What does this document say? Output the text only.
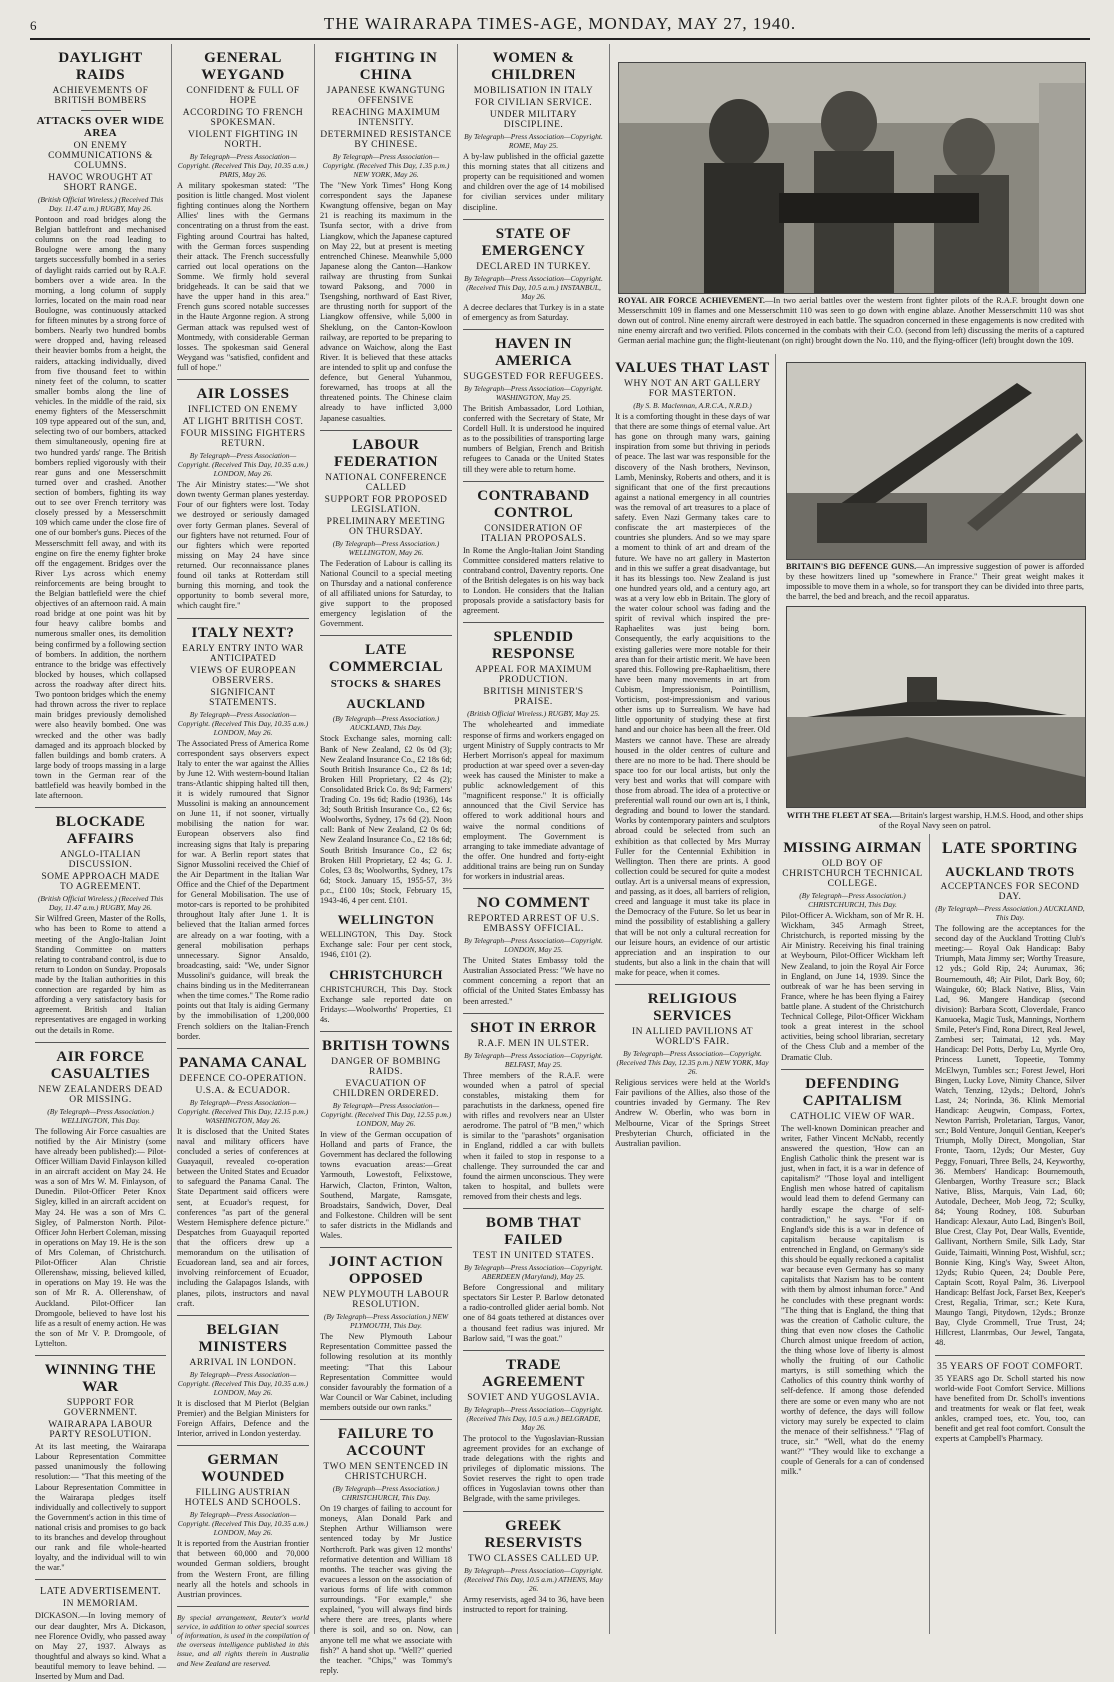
6	THE WAIRARAPA TIMES-AGE, MONDAY, MAY 27, 1940.
DAYLIGHT RAIDS
ACHIEVEMENTS OF BRITISH BOMBERS
ATTACKS OVER WIDE AREA
ON ENEMY COMMUNICATIONS & COLUMNS.
HAVOC WROUGHT AT SHORT RANGE.
(British Official Wireless.) (Received This Day. 11.47 a.m.) RUGBY, May 26.
Pontoon and road bridges along the Belgian battlefront and mechanised columns on the road leading to Boulogne were among the many targets successfully bombed in a series of daylight raids carried out by R.A.F. bombers over a wide area. In the morning, a long column of supply lorries, located on the main road near Boulogne, was continuously attacked for fifteen minutes by a strong force of bombers. Nearly two hundred bombs were dropped and, having released their heavier bombs from a height, the raiders, attacking individually, dived from five thousand feet to within ninety feet of the column, to scatter smaller bombs along the line of vehicles. In the middle of the raid, six enemy fighters of the Messerschmitt 109 type appeared out of the sun, and, selecting two of our bombers, attacked them simultaneously, opening fire at two hundred yards' range. The British bombers replied vigorously with their rear guns and one Messerschmitt turned over and crashed. Another section of bombers, fighting its way out to see over French territory was closely pressed by a Messerschmitt 109 which came under the close fire of one of our bomber's guns. Pieces of the Messerschmitt fell away, and with its engine on fire the enemy fighter broke off the engagement. Bridges over the River Lys across which enemy reinforcements are being brought to the Belgian battlefield were the chief objectives of an afternoon raid. A main road bridge at one point was hit by four heavy calibre bombs and numerous smaller ones, its demolition being confirmed by a following section of bombers. In addition, the northern entrance to the bridge was effectively blocked by houses, which collapsed across the roadway after direct hits. Two pontoon bridges which the enemy had thrown across the river to replace main bridges previously demolished were also heavily bombed. One was wrecked and the other was badly damaged and its approach blocked by fallen buildings and bomb craters. A large body of troops massing in a large town in the German rear of the battlefield was heavily bombed in the late afternoon.
BLOCKADE AFFAIRS
ANGLO-ITALIAN DISCUSSION.
SOME APPROACH MADE TO AGREEMENT.
(British Official Wireless.) (Received This Day, 11.47 a.m.) RUGBY, May 26.
Sir Wilfred Green, Master of the Rolls, who has been to Rome to attend a meeting of the Anglo-Italian Joint Standing Committee on matters relating to contraband control, is due to return to London on Sunday. Proposals made by the Italian authorities in this connection are regarded by him as affording a very satisfactory basis for agreement. British and Italian representatives are engaged in working out the details in Rome.
AIR FORCE CASUALTIES
NEW ZEALANDERS DEAD OR MISSING.
(By Telegraph—Press Association.) WELLINGTON, This Day.
The following Air Force casualties are notified by the Air Ministry (some have already been published):— Pilot-Officer William David Finlayson killed in an aircraft accident on May 24. He was a son of Mrs W. M. Finlayson, of Dunedin. Pilot-Officer Peter Knox Sigley, killed in an aircraft accident on May 24. He was a son of Mrs C. Sigley, of Palmerston North. Pilot-Officer John Herbert Coleman, missing in operations on May 19. He is the son of Mrs Coleman, of Christchurch. Pilot-Officer Alan Christie Ollerenshaw, missing, believed killed, in operations on May 19. He was the son of Mr R. A. Ollerenshaw, of Auckland. Pilot-Officer Ian Dromgoole, believed to have lost his life as a result of enemy action. He was the son of Mr V. P. Dromgoole, of Lyttelton.
WINNING THE WAR
SUPPORT FOR GOVERNMENT.
WAIRARAPA LABOUR PARTY RESOLUTION.
At its last meeting, the Wairarapa Labour Representation Committee passed unanimously the following resolution:— "That this meeting of the Labour Representation Committee in the Wairarapa pledges itself individually and collectively to support the Government's action in this time of national crisis and promises to go back to its branches and develop throughout our rank and file whole-hearted loyalty, and the individual will to win the war."
LATE ADVERTISEMENT.
IN MEMORIAM.
DICKASON.—In loving memory of our dear daughter, Mrs A. Dickason, nee Florence Ovidly, who passed away on May 27, 1937. Always as thoughtful and always so kind. What a beautiful memory to leave behind. —Inserted by Mum and Dad.
GENERAL WEYGAND
CONFIDENT & FULL OF HOPE
ACCORDING TO FRENCH SPOKESMAN.
VIOLENT FIGHTING IN NORTH.
By Telegraph—Press Association—Copyright. (Received This Day, 10.35 a.m.) PARIS, May 26.
A military spokesman stated: "The position is little changed. Most violent fighting continues along the Northern Allies' lines with the Germans concentrating on a thrust from the east. Fighting around Courtrai has halted, with the German forces suspending their attack. The French successfully carried out local operations on the Somme. We firmly hold several bridgeheads. It can be said that we have the upper hand in this area." French guns scored notable successes in the Haute Argonne region. A strong German attack was repulsed west of Montmedy, with considerable German losses. The spokesman said General Weygand was "satisfied, confident and full of hope."
AIR LOSSES
INFLICTED ON ENEMY
AT LIGHT BRITISH COST.
FOUR MISSING FIGHTERS RETURN.
By Telegraph—Press Association—Copyright. (Received This Day, 10.35 a.m.) LONDON, May 26.
The Air Ministry states:—"We shot down twenty German planes yesterday. Four of our fighters were lost. Today we destroyed or seriously damaged over forty German planes. Several of our fighters have not returned. Four of our fighters which were reported missing on May 24 have since returned. Our reconnaissance planes found oil tanks at Rotterdam still burning this morning, and took the opportunity to bomb several more, which caught fire."
ITALY NEXT?
EARLY ENTRY INTO WAR ANTICIPATED
VIEWS OF EUROPEAN OBSERVERS.
SIGNIFICANT STATEMENTS.
By Telegraph—Press Association—Copyright. (Received This Day, 10.35 a.m.) LONDON, May 26.
The Associated Press of America Rome correspondent says observers expect Italy to enter the war against the Allies by June 12. With western-bound Italian trans-Atlantic shipping halted till then, it is widely rumoured that Signor Mussolini is making an announcement on June 11, if not sooner, virtually mobilising the nation for war. European observers also find increasing signs that Italy is preparing for war. A Berlin report states that Signor Mussolini received the Chief of the Air Department in the Italian War Office and the Chief of the Department for General Mobilisation. The use of motor-cars is reported to be prohibited throughout Italy after June 1. It is believed that the Italian armed forces are already on a war footing, with a general mobilisation perhaps unnecessary. Signor Ansaldo, broadcasting, said: "We, under Signor Mussolini's guidance, will break the chains binding us in the Mediterranean when the time comes." The Rome radio points out that Italy is aiding Germany by the immobilisation of 1,200,000 French soldiers on the Italian-French border.
PANAMA CANAL
DEFENCE CO-OPERATION.
U.S.A. & ECUADOR.
By Telegraph—Press Association—Copyright. (Received This Day, 12.15 p.m.) WASHINGTON, May 26.
It is disclosed that the United States naval and military officers have concluded a series of conferences at Guayaquil, revealed co-operation between the United States and Ecuador to safeguard the Panama Canal. The State Department said officers were sent, at Ecuador's request, for conferences "as part of the general Western Hemisphere defence picture." Despatches from Guayaquil reported that the officers drew up a memorandum on the utilisation of Ecuadorean land, sea and air forces, involving reinforcement of Ecuador, including the Galapagos Islands, with planes, pilots, instructors and naval craft.
BELGIAN MINISTERS
ARRIVAL IN LONDON.
By Telegraph—Press Association—Copyright. (Received This Day, 10.35 a.m.) LONDON, May 26.
It is disclosed that M Pierlot (Belgian Premier) and the Belgian Ministers for Foreign Affairs, Defence and the Interior, arrived in London yesterday.
GERMAN WOUNDED
FILLING AUSTRIAN HOTELS AND SCHOOLS.
By Telegraph—Press Association—Copyright. (Received This Day, 10.35 a.m.) LONDON, May 26.
It is reported from the Austrian frontier that between 60,000 and 70,000 wounded German soldiers, brought from the Western Front, are filling nearly all the hotels and schools in Austrian provinces.
By special arrangement, Reuter's world service, in addition to other special sources of information, is used in the compilation of the overseas intelligence published in this issue, and all rights therein in Australia and New Zealand are reserved.
FIGHTING IN CHINA
JAPANESE KWANGTUNG OFFENSIVE
REACHING MAXIMUM INTENSITY.
DETERMINED RESISTANCE BY CHINESE.
By Telegraph—Press Association—Copyright. (Received This Day, 1.35 p.m.) NEW YORK, May 26.
The "New York Times" Hong Kong correspondent says the Japanese Kwangtung offensive, began on May 21 is reaching its maximum in the Tsunfa sector, with a drive from Liangkow, which the Japanese captured on May 22, but at present is meeting entrenched Chinese. Meanwhile 5,000 Japanese along the Canton—Hankow railway are thrusting from Sunkai toward Paksong, and 7000 in Tsengshing, northward of East River, are thrusting north for support of the Liangkow offensive, while 5,000 in Sheklung, on the Canton-Kowloon railway, are reported to be preparing to advance on Waichow, along the East River. It is believed that these attacks are intended to split up and confuse the defence, but General Yuhanmou, forewarned, has troops at all the threatened points. The Chinese claim already to have inflicted 3,000 Japanese casualties.
LABOUR FEDERATION
NATIONAL CONFERENCE CALLED
SUPPORT FOR PROPOSED LEGISLATION.
PRELIMINARY MEETING ON THURSDAY.
(By Telegraph—Press Association.) WELLINGTON, May 26.
The Federation of Labour is calling its National Council to a special meeting on Thursday and a national conference of all affiliated unions for Saturday, to give support to the proposed emergency legislation of the Government.
LATE COMMERCIAL
STOCKS & SHARES
AUCKLAND
(By Telegraph—Press Association.) AUCKLAND, This Day.
Stock Exchange sales, morning call: Bank of New Zealand, £2 0s 0d (3); New Zealand Insurance Co., £2 18s 6d; South British Insurance Co., £2 8s 1d; Broken Hill Proprietary, £2 4s (2); Consolidated Brick Co. 8s 9d; Farmers' Trading Co. 19s 6d; Radio (1936), 14s 3d; South British Insurance Co., £2 6s; Woolworths, Sydney, 17s 6d (2). Noon call: Bank of New Zealand, £2 0s 6d; New Zealand Insurance Co., £2 18s 6d; South British Insurance Co., £2 6s; Broken Hill Proprietary, £2 4s; G. J. Coles, £3 8s; Woolworths, Sydney, 17s 6d; Stock. January 15, 1955-57, 3½ p.c., £100 10s; Stock, February 15, 1943-46, 4 per cent. £101.
WELLINGTON
WELLINGTON, This Day. Stock Exchange sale: Four per cent stock, 1946, £101 (2).
CHRISTCHURCH
CHRISTCHURCH, This Day. Stock Exchange sale reported date on Fridays:—Woolworths' Properties, £1 4s.
BRITISH TOWNS
DANGER OF BOMBING RAIDS.
EVACUATION OF CHILDREN ORDERED.
By Telegraph—Press Association—Copyright. (Received This Day, 12.55 p.m.) LONDON, May 26.
In view of the German occupation of Holland and parts of France, the Government has declared the following towns evacuation areas:—Great Yarmouth, Lowestoft, Felixstowe, Harwich, Clacton, Frinton, Walton, Southend, Margate, Ramsgate, Broadstairs, Sandwich, Dover, Deal and Folkestone. Children will be sent to safer districts in the Midlands and Wales.
JOINT ACTION OPPOSED
NEW PLYMOUTH LABOUR RESOLUTION.
(By Telegraph—Press Association.) NEW PLYMOUTH, This Day.
The New Plymouth Labour Representation Committee passed the following resolution at its monthly meeting: "That this Labour Representation Committee would consider favourably the formation of a War Council or War Cabinet, including members outside our own ranks."
FAILURE TO ACCOUNT
TWO MEN SENTENCED IN CHRISTCHURCH.
(By Telegraph—Press Association.) CHRISTCHURCH, This Day.
On 19 charges of failing to account for moneys, Alan Donald Park and Stephen Arthur Williamson were sentenced today by Mr Justice Northcroft. Park was given 12 months' reformative detention and William 18 months. The teacher was giving the evacuees a lesson on the association of various forms of life with common surroundings. "For example," she explained, "you will always find birds where there are trees, plants where there is soil, and so on. Now, can anyone tell me what we associate with fish?" A hand shot up. "Well?" queried the teacher. "Chips," was Tommy's reply.
WOMEN & CHILDREN
MOBILISATION IN ITALY
FOR CIVILIAN SERVICE.
UNDER MILITARY DISCIPLINE.
By Telegraph—Press Association—Copyright. ROME, May 25.
A by-law published in the official gazette this morning states that all citizens and property can be requisitioned and women and children over the age of 14 mobilised for civilian services under military discipline.
STATE OF EMERGENCY
DECLARED IN TURKEY.
By Telegraph—Press Association—Copyright. (Received This Day, 10.5 a.m.) INSTANBUL, May 26.
A decree declares that Turkey is in a state of emergency as from Saturday.
HAVEN IN AMERICA
SUGGESTED FOR REFUGEES.
By Telegraph—Press Association—Copyright. WASHINGTON, May 25.
The British Ambassador, Lord Lothian, conferred with the Secretary of State, Mr Cordell Hull. It is understood he inquired as to the possibilities of transporting large numbers of Belgian, French and British refugees to Canada or the United States till they were able to return home.
CONTRABAND CONTROL
CONSIDERATION OF ITALIAN PROPOSALS.
In Rome the Anglo-Italian Joint Standing Committee considered matters relative to contraband control, Daventry reports. One of the British delegates is on his way back to London. He considers that the Italian proposals provide a satisfactory basis for agreement.
SPLENDID RESPONSE
APPEAL FOR MAXIMUM PRODUCTION.
BRITISH MINISTER'S PRAISE.
(British Official Wireless.) RUGBY, May 25.
The wholehearted and immediate response of firms and workers engaged on urgent Ministry of Supply contracts to Mr Herbert Morrison's appeal for maximum production at war speed over a seven-day week has caused the Minister to make a public acknowledgement of this "magnificent response." It is officially announced that the Civil Service has offered to work additional hours and waive the normal conditions of employment. The Government is arranging to take immediate advantage of the offer. One hundred and forty-eight additional trains are being run on Sunday for workers in industrial areas.
NO COMMENT
REPORTED ARREST OF U.S. EMBASSY OFFICIAL.
By Telegraph—Press Association—Copyright. LONDON, May 25.
The United States Embassy told the Australian Associated Press: "We have no comment concerning a report that an official of the United States Embassy has been arrested."
SHOT IN ERROR
R.A.F. MEN IN ULSTER.
By Telegraph—Press Association—Copyright. BELFAST, May 25.
Three members of the R.A.F. were wounded when a patrol of special constables, mistaking them for parachutists in the darkness, opened fire with rifles and revolvers near an Ulster aerodrome. The patrol of "B men," which is similar to the "parashots" organisation in England, riddled a car with bullets when it failed to stop in response to a challenge. They surrounded the car and found the airmen unconscious. They were taken to hospital, and bullets were removed from their chests and legs.
BOMB THAT FAILED
TEST IN UNITED STATES.
By Telegraph—Press Association—Copyright. ABERDEEN (Maryland), May 25.
Before Congressional and military spectators Sir Lester P. Barlow detonated a radio-controlled glider aerial bomb. Not one of 84 goats tethered at distances over a thousand feet radius was injured. Mr Barlow said, "I was the goat."
TRADE AGREEMENT
SOVIET AND YUGOSLAVIA.
By Telegraph—Press Association—Copyright. (Received This Day, 10.5 a.m.) BELGRADE, May 26.
The protocol to the Yugoslavian-Russian agreement provides for an exchange of trade delegations with the rights and privileges of diplomatic missions. The Soviet reserves the right to open trade offices in Yugoslavian towns other than Belgrade, with the same privileges.
GREEK RESERVISTS
TWO CLASSES CALLED UP.
By Telegraph—Press Association—Copyright. (Received This Day, 10.5 a.m.) ATHENS, May 26.
Army reservists, aged 34 to 36, have been instructed to report for training.
ROYAL AIR FORCE ACHIEVEMENT.—In two aerial battles over the western front fighter pilots of the R.A.F. brought down one Messerschmitt 109 in flames and one Messerschmitt 110 was seen to go down with engine ablaze. Another Messerschmitt 110 was shot down out of control. Nine enemy aircraft were destroyed in each battle. The squadron concerned in these engagements is now credited with nine enemy aircraft and two verified. Pilots concerned in the combats with their C.O. (second from left) discussing the merits of a captured German aerial machine gun; the flight-lieutenant (on right) brought down the No. 110, and the flying-officer (left) brought down the 109.
VALUES THAT LAST
WHY NOT AN ART GALLERY FOR MASTERTON.
(By S. B. Maclennan, A.R.C.A., N.R.D.)
It is a comforting thought in these days of war that there are some things of eternal value. Art has gone on through many wars, gaining inspiration from some but thriving in periods of peace. The last war was responsible for the discovery of the Nash brothers, Nevinson, Lamb, Meninsky, Roberts and others, and it is significant that one of the first precautions against a national emergency in all countries was the removal of art treasures to a place of safety. Even Nazi Germany takes care to confiscate the art masterpieces of the countries she plunders. And so we may spare a moment to think of art and dream of the future. We have no art gallery in Masterton and in this we suffer a great disadvantage, but it has its blessings too. New Zealand is just one hundred years old, and a century ago, art was at a very low ebb in Britain. The glory of the water colour school was fading and the spirit of revival which inspired the pre-Raphaelites was just being born. Consequently, the early acquisitions to the existing galleries were more notable for their area than for their artistic merit. We have been spared this. Following pre-Raphaelitism, there have been many movements in art from Cubism, Impressionism, Pointillism, Vorticism, post-impressionism and various other isms up to Surrealism. We have had little opportunity of studying these at first hand and our choice has been all the freer. Old Masters we cannot have. These are already housed in the older centres of culture and there are no more to be had. There should be space too for our local artists, but only the very best and works that will compare with those from abroad. The idea of a protective or preferential wall round our own art is, I think, degrading and bound to lower the standard. Works by contemporary painters and sculptors abroad could be selected from such an exhibition as that collected by Mrs Murray Fuller for the Centennial Exhibition in Wellington. Then there are prints. A good collection could be secured for quite a modest outlay. Art is a universal means of expression, and passing, as it does, all barriers of religion, creed and language it must take its place in the Democracy of the Future. So let us bear in mind the possibility of establishing a gallery that will be not only a cultural recreation for our leisure hours, an evidence of our artistic appreciation and an inspiration to our students, but also a link in the chain that will make for peace, when it comes.
RELIGIOUS SERVICES
IN ALLIED PAVILIONS AT WORLD'S FAIR.
By Telegraph—Press Association—Copyright. (Received This Day, 12.35 p.m.) NEW YORK, May 26.
Religious services were held at the World's Fair pavilions of the Allies, also those of the countries invaded by Germany. The Rev Andrew W. Oberlin, who was born in Melbourne, Vicar of the Springs Street Presbyterian Church, officiated in the Australian pavilion.
BRITAIN'S BIG DEFENCE GUNS.—An impressive suggestion of power is afforded by these howitzers lined up "somewhere in France." Their great weight makes it impossible to move them in a whole, so for transport they can be divided into three parts, the barrel, the bed and breach, and the recoil apparatus.
WITH THE FLEET AT SEA.—Britain's largest warship, H.M.S. Hood, and other ships of the Royal Navy seen on patrol.
MISSING AIRMAN
OLD BOY OF CHRISTCHURCH TECHNICAL COLLEGE.
(By Telegraph—Press Association.) CHRISTCHURCH, This Day.
Pilot-Officer A. Wickham, son of Mr R. H. Wickham, 345 Armagh Street, Christchurch, is reported missing by the Air Ministry. Receiving his final training at Weybourn, Pilot-Officer Wickham left New Zealand, to join the Royal Air Force in England, on June 14, 1939. Since the outbreak of war he has been serving in France, where he has been flying a Fairey battle plane. A student of the Christchurch Technical College, Pilot-Officer Wickham took a great interest in the school activities, being school librarian, secretary of the Chess Club and a member of the Dramatic Club.
DEFENDING CAPITALISM
CATHOLIC VIEW OF WAR.
The well-known Dominican preacher and writer, Father Vincent McNabb, recently answered the question, 'How can an English Catholic think the present war is just, when in fact, it is a war in defence of capitalism?' "Those loyal and intelligent English men whose hatred of capitalism would lead them to defend Germany can hardly escape the charge of self-contradiction," he says. "For if on England's side this is a war in defence of capitalism because capitalism is entrenched in England, on Germany's side this should be equally reckoned a capitalist war because even Germany has so many capitalists that Nazism has to be content with them by almost inhuman force." And he concludes with these pregnant words: "The thing that is England, the thing that was the creation of Catholic culture, the thing that even now closes the Catholic Church almost unique freedom of action, the thing whose love of liberty is almost wholly the fruiting of our Catholic martyrs, is still something which the Catholics of this country think worthy of self-defence. If among those defended there are some or even many who are not worthy of defence, the days will follow victory may surely be expected to claim the menace of their selfishness." "Flag of truce, sir." "Well, what do the enemy want?" "They would like to exchange a couple of Generals for a can of condensed milk."
LATE SPORTING
AUCKLAND TROTS
ACCEPTANCES FOR SECOND DAY.
(By Telegraph—Press Association.) AUCKLAND, This Day.
The following are the acceptances for the second day of the Auckland Trotting Club's meeting:— Royal Oak Handicap: Baby Triumph, Mata Jimmy ser; Worthy Treasure, 12 yds.; Gold Rip, 24; Aurumax, 36; Bournemouth, 48; Air Pilot, Dark Boy, 60; Wainguke, 60; Black Native, Bliss, Vain Lad, 96. Mangere Handicap (second division): Barbara Scott, Cloverdale, Franco Kanuoeka, Magic Tusk, Mannings, Northern Smile, Peter's Find, Rona Direct, Real Jewel, Zambesi ser; Taimatai, 12 yds. May Handicap: Del Potts, Derby Lu, Myrtle Oro, Princess Lunett, Topeetie, Tommy McElwyn, Tumbles scr.; Forest Jewel, Hori Bingen, Lucky Love, Nimity Chance, Silver Watch, Tenzing, 12yds.; Deltord, John's Last, 24; Norinda, 36. Klink Memorial Handicap: Aeugwin, Compass, Fortex, Newton Parrish, Proletarian, Targus, Vanor, scr.; Bold Venture, Jonquil Gentian, Keeper's Triumph, Molly Direct, Mongolian, Star Fronte, Taorn, 12yds; Our Mester, Guy Peggy, Fonuari, Three Bells, 24, Keyworthy, 36. Members' Handicap: Bournemouth, Glenbargen, Worthy Treasure scr.; Black Native, Bliss, Marquis, Vain Lad, 60; Autodale, Decheer, Mob Jeog, 72; Sculky, 84; Young Rodney, 108. Suburban Handicap: Alexaur, Auto Lad, Bingen's Boil, Blue Crest, Clay Pot, Dear Walls, Eventide, Gallivant, Northern Smile, Silk Lady, Star Guide, Taimaiti, Winning Post, Wishful, scr.; Bonnie King, King's Way, Sweet Alton, 12yds; Rubio Queen, 24; Double Pere, Captain Scott, Royal Palm, 36. Liverpool Handicap: Belfast Jock, Farset Bex, Keeper's Crest, Regalia, Trimar, scr.; Kete Kura, Maungo Tangi, Pitydown, 12yds.; Bronze Bay, Clyde Crommell, True Trust, 24; Hillcrest, Llanrmbas, Our Jewel, Tangata, 48.
35 YEARS OF FOOT COMFORT.
35 YEARS ago Dr. Scholl started his now world-wide Foot Comfort Service. Millions have benefited from Dr. Scholl's inventions and treatments for weak or flat feet, weak ankles, cramped toes, etc. You, too, can benefit and get real foot comfort. Consult the experts at Campbell's Pharmacy.
